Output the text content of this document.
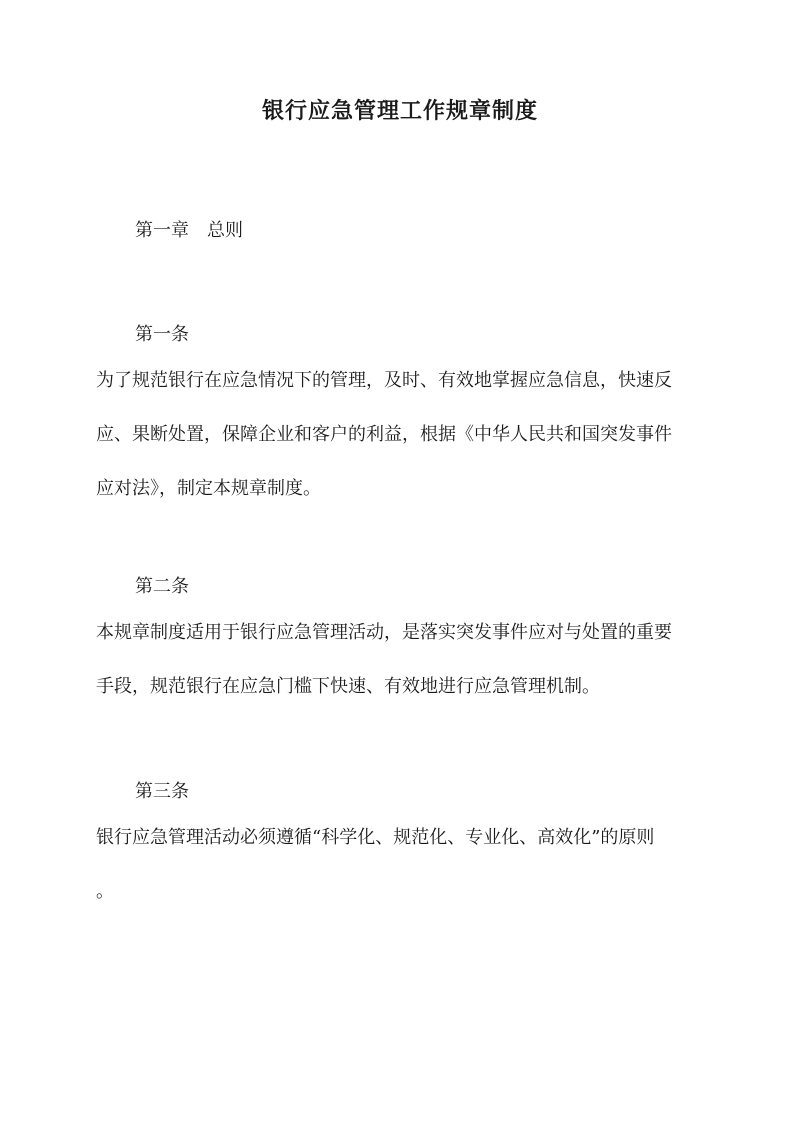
银行应急管理工作规章制度

第一章　总则

第一条

为了规范银行在应急情况下的管理，及时、有效地掌握应急信息，快速反

应、果断处置，保障企业和客户的利益，根据《中华人民共和国突发事件

应对法》，制定本规章制度。

第二条

本规章制度适用于银行应急管理活动，是落实突发事件应对与处置的重要

手段，规范银行在应急门槛下快速、有效地进行应急管理机制。

第三条

银行应急管理活动必须遵循“科学化、规范化、专业化、高效化”的原则

。
